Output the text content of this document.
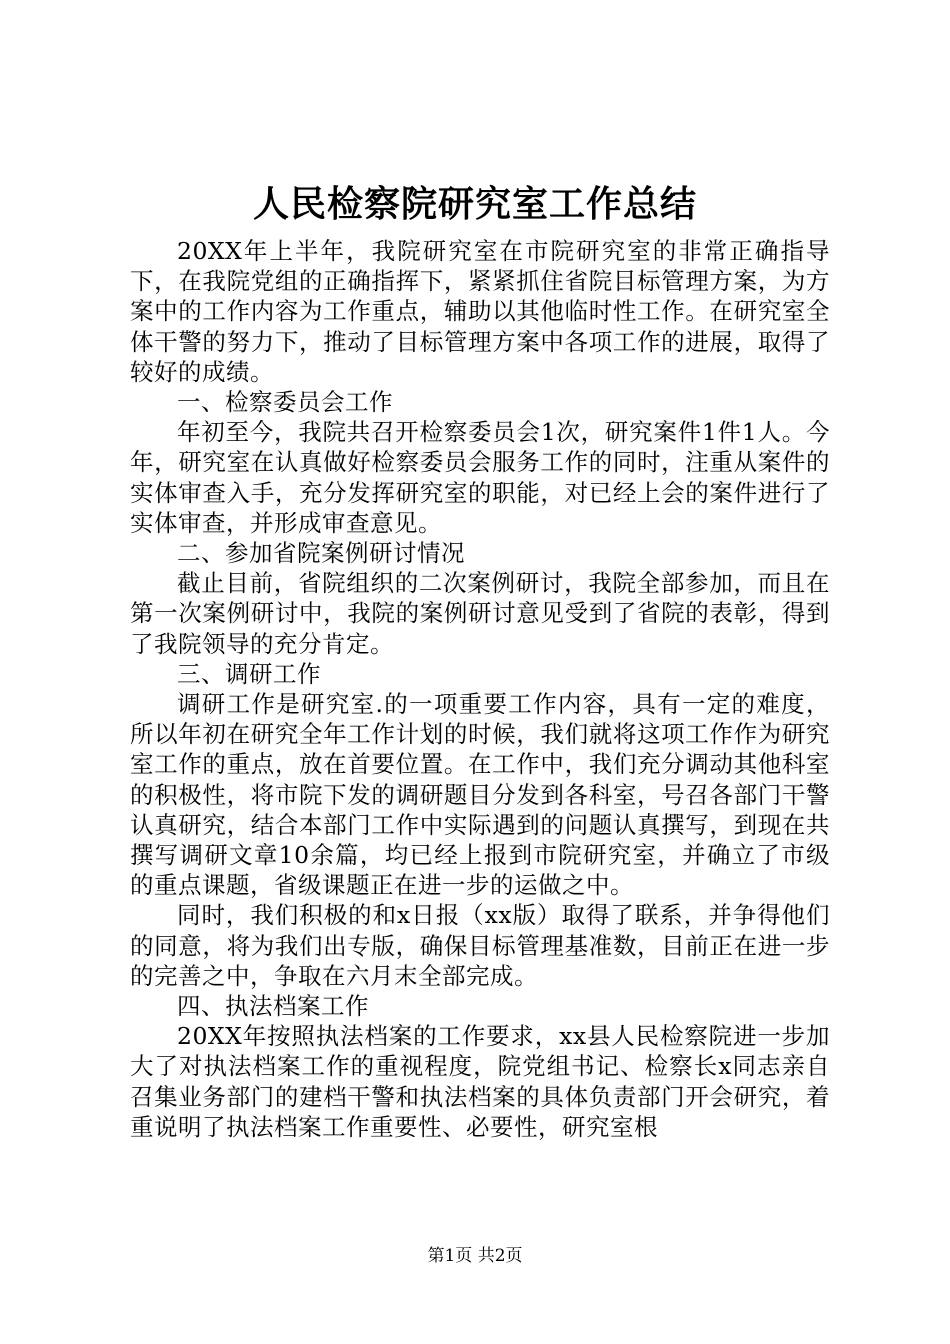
人民检察院研究室工作总结

20XX年上半年，我院研究室在市院研究室的非常正确指导下，在我院党组的正确指挥下，紧紧抓住省院目标管理方案，为方案中的工作内容为工作重点，辅助以其他临时性工作。在研究室全体干警的努力下，推动了目标管理方案中各项工作的进展，取得了较好的成绩。

一、检察委员会工作

年初至今，我院共召开检察委员会1次，研究案件1件1人。今年，研究室在认真做好检察委员会服务工作的同时，注重从案件的实体审查入手，充分发挥研究室的职能，对已经上会的案件进行了实体审查，并形成审查意见。

二、参加省院案例研讨情况

截止目前，省院组织的二次案例研讨，我院全部参加，而且在第一次案例研讨中，我院的案例研讨意见受到了省院的表彰，得到了我院领导的充分肯定。

三、调研工作

调研工作是研究室.的一项重要工作内容，具有一定的难度，所以年初在研究全年工作计划的时候，我们就将这项工作作为研究室工作的重点，放在首要位置。在工作中，我们充分调动其他科室的积极性，将市院下发的调研题目分发到各科室，号召各部门干警认真研究，结合本部门工作中实际遇到的问题认真撰写，到现在共撰写调研文章10余篇，均已经上报到市院研究室，并确立了市级的重点课题，省级课题正在进一步的运做之中。

同时，我们积极的和x日报（xx版）取得了联系，并争得他们的同意，将为我们出专版，确保目标管理基准数，目前正在进一步的完善之中，争取在六月末全部完成。

四、执法档案工作

20XX年按照执法档案的工作要求，xx县人民检察院进一步加大了对执法档案工作的重视程度，院党组书记、检察长x同志亲自召集业务部门的建档干警和执法档案的具体负责部门开会研究，着重说明了执法档案工作重要性、必要性，研究室根

第1页 共2页
